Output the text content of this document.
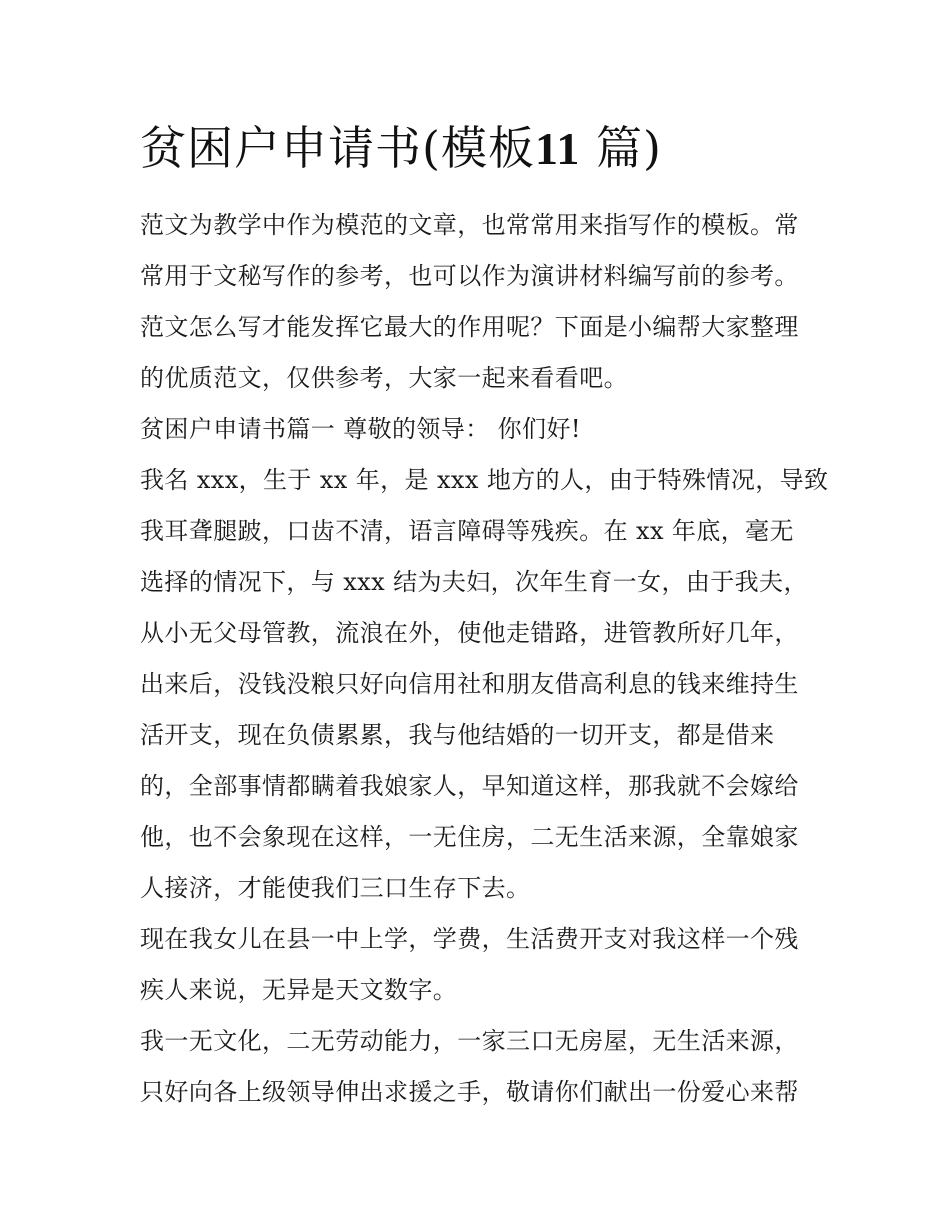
贫困户申请书(模板11 篇)
范文为教学中作为模范的文章，也常常用来指写作的模板。常
常用于文秘写作的参考，也可以作为演讲材料编写前的参考。
范文怎么写才能发挥它最大的作用呢？下面是小编帮大家整理
的优质范文，仅供参考，大家一起来看看吧。
贫困户申请书篇一 尊敬的领导： 你们好!
我名 xxx，生于 xx 年，是 xxx 地方的人，由于特殊情况，导致
我耳聋腿跛，口齿不清，语言障碍等残疾。在 xx 年底，毫无
选择的情况下，与 xxx 结为夫妇，次年生育一女，由于我夫，
从小无父母管教，流浪在外，使他走错路，进管教所好几年，
出来后，没钱没粮只好向信用社和朋友借高利息的钱来维持生
活开支，现在负债累累，我与他结婚的一切开支，都是借来
的，全部事情都瞒着我娘家人，早知道这样，那我就不会嫁给
他，也不会象现在这样，一无住房，二无生活来源，全靠娘家
人接济，才能使我们三口生存下去。
现在我女儿在县一中上学，学费，生活费开支对我这样一个残
疾人来说，无异是天文数字。
我一无文化，二无劳动能力，一家三口无房屋，无生活来源，
只好向各上级领导伸出求援之手，敬请你们献出一份爱心来帮
